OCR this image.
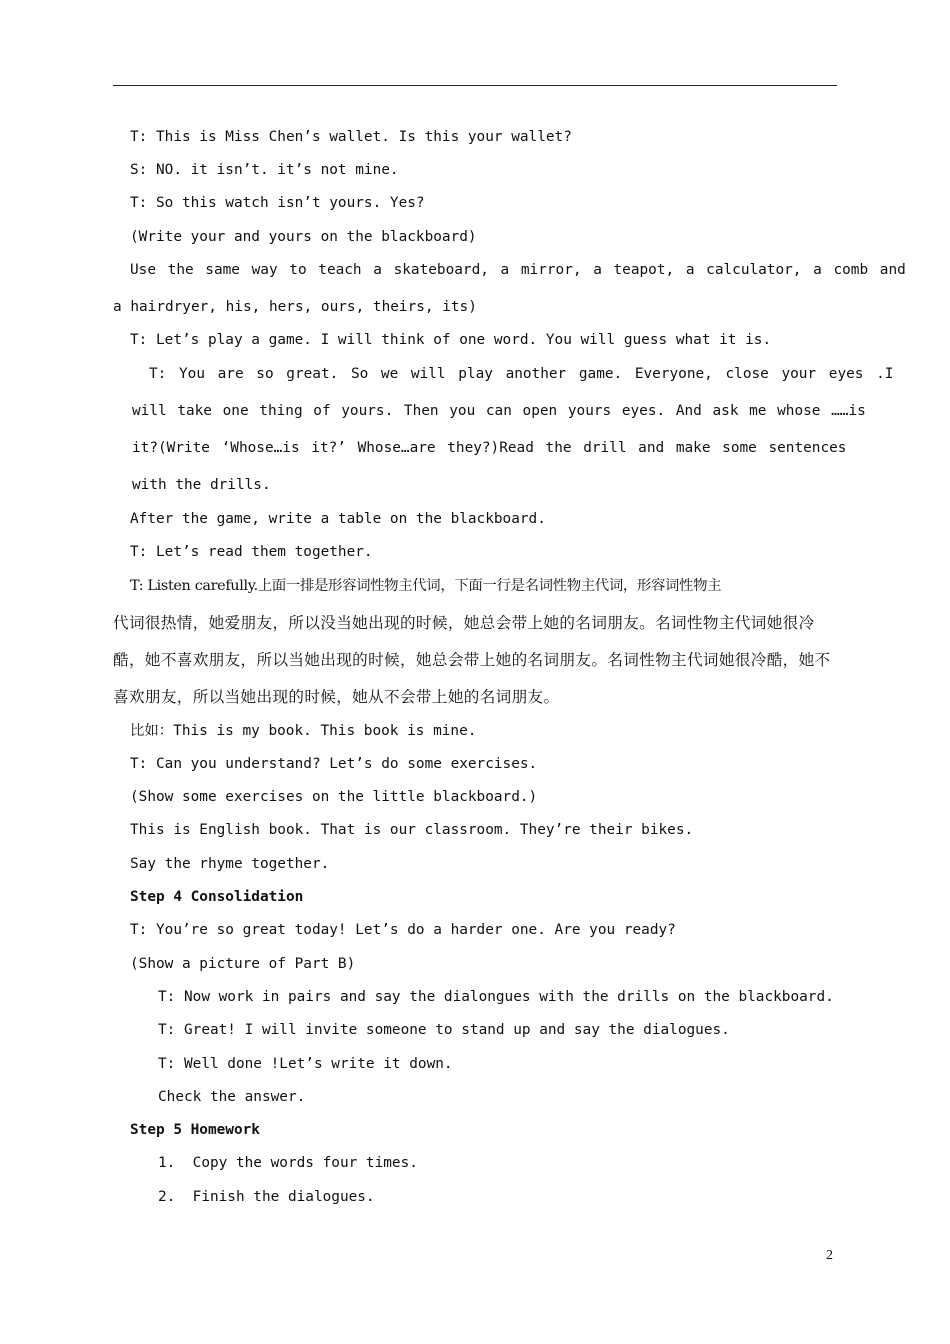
T: This is Miss Chen’s wallet. Is this your wallet?
S: NO. it isn’t. it’s not mine.
T: So this watch isn’t yours. Yes?
(Write your and yours on the blackboard)
Use the same way to teach a skateboard, a mirror, a teapot, a calculator, a comb and
a hairdryer, his, hers, ours, theirs, its)
T: Let’s play a game. I will think of one word. You will guess what it is.
T: You are so great. So we will play another game. Everyone, close your eyes .I
will take one thing of yours. Then you can open yours eyes. And ask me whose ……is
it?(Write ‘Whose…is it?’ Whose…are they?)Read the drill and make some sentences
with the drills.
After the game, write a table on the blackboard.
T: Let’s read them together.
T: Listen carefully.上面一排是形容词性物主代词，下面一行是名词性物主代词，形容词性物主
代词很热情，她爱朋友，所以没当她出现的时候，她总会带上她的名词朋友。名词性物主代词她很冷
酷，她不喜欢朋友，所以当她出现的时候，她总会带上她的名词朋友。名词性物主代词她很冷酷，她不
喜欢朋友，所以当她出现的时候，她从不会带上她的名词朋友。
比如：This is my book. This book is mine.
T: Can you understand? Let’s do some exercises.
(Show some exercises on the little blackboard.)
This is English book. That is our classroom. They’re their bikes.
Say the rhyme together.
Step 4 Consolidation
T: You’re so great today! Let’s do a harder one. Are you ready?
(Show a picture of Part B)
T: Now work in pairs and say the dialongues with the drills on the blackboard.
T: Great! I will invite someone to stand up and say the dialogues.
T: Well done !Let’s write it down.
Check the answer.
Step 5 Homework
1.  Copy the words four times.
2.  Finish the dialogues.
2
